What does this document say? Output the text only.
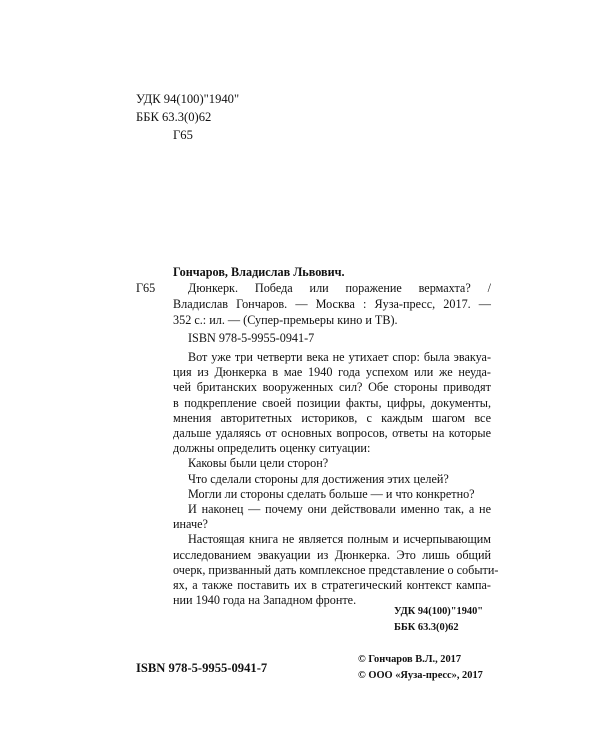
УДК 94(100)"1940"
ББК 63.3(0)62
Г65
Гончаров, Владислав Львович.
Г65	Дюнкерк. Победа или поражение вермахта? /
Владислав Гончаров. — Москва : Яуза-пресс, 2017. —
352 с.: ил. — (Супер-премьеры кино и ТВ).
ISBN 978-5-9955-0941-7
Вот уже три четверти века не утихает спор: была эвакуа-
ция из Дюнкерка в мае 1940 года успехом или же неудa-
чей британских вооруженных сил? Обе стороны приводят
в подкрепление своей позиции факты, цифры, документы,
мнения авторитетных историков, с каждым шагом все
дальше удаляясь от основных вопросов, ответы на которые
должны определить оценку ситуации:
Каковы были цели сторон?
Что сделали стороны для достижения этих целей?
Могли ли стороны сделать больше — и что конкретно?
И наконец — почему они действовали именно так, а не
иначе?
Настоящая книга не является полным и исчерпывающим
исследованием эвакуации из Дюнкерка. Это лишь общий
очерк, призванный дать комплексное представление о событи-
ях, а также поставить их в стратегический контекст кампа-
нии 1940 года на Западном фронте.
УДК 94(100)"1940"
ББК 63.3(0)62
ISBN 978-5-9955-0941-7
© Гончаров В.Л., 2017
© ООО «Яуза-пресс», 2017
